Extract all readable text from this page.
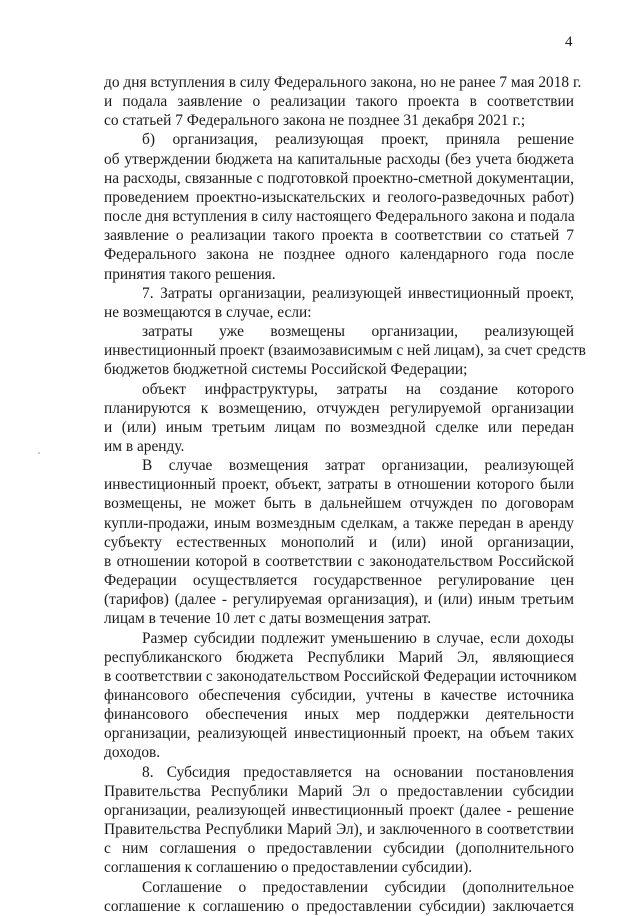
4
до дня вступления в силу Федерального закона, но не ранее 7 мая 2018 г.
и подала заявление о реализации такого проекта в соответствии
со статьей 7 Федерального закона не позднее 31 декабря 2021 г.;
б) организация, реализующая проект, приняла решение
об утверждении бюджета на капитальные расходы (без учета бюджета
на расходы, связанные с подготовкой проектно-сметной документации,
проведением проектно-изыскательских и геолого-разведочных работ)
после дня вступления в силу настоящего Федерального закона и подала
заявление о реализации такого проекта в соответствии со статьей 7
Федерального закона не позднее одного календарного года после
принятия такого решения.
7. Затраты организации, реализующей инвестиционный проект,
не возмещаются в случае, если:
затраты уже возмещены организации, реализующей
инвестиционный проект (взаимозависимым с ней лицам), за счет средств
бюджетов бюджетной системы Российской Федерации;
объект инфраструктуры, затраты на создание которого
планируются к возмещению, отчужден регулируемой организации
и (или) иным третьим лицам по возмездной сделке или передан
им в аренду.
В случае возмещения затрат организации, реализующей
инвестиционный проект, объект, затраты в отношении которого были
возмещены, не может быть в дальнейшем отчужден по договорам
купли-продажи, иным возмездным сделкам, а также передан в аренду
субъекту естественных монополий и (или) иной организации,
в отношении которой в соответствии с законодательством Российской
Федерации осуществляется государственное регулирование цен
(тарифов) (далее - регулируемая организация), и (или) иным третьим
лицам в течение 10 лет с даты возмещения затрат.
Размер субсидии подлежит уменьшению в случае, если доходы
республиканского бюджета Республики Марий Эл, являющиеся
в соответствии с законодательством Российской Федерации источником
финансового обеспечения субсидии, учтены в качестве источника
финансового обеспечения иных мер поддержки деятельности
организации, реализующей инвестиционный проект, на объем таких
доходов.
8. Субсидия предоставляется на основании постановления
Правительства Республики Марий Эл о предоставлении субсидии
организации, реализующей инвестиционный проект (далее - решение
Правительства Республики Марий Эл), и заключенного в соответствии
с ним соглашения о предоставлении субсидии (дополнительного
соглашения к соглашению о предоставлении субсидии).
Соглашение о предоставлении субсидии (дополнительное
соглашение к соглашению о предоставлении субсидии) заключается
